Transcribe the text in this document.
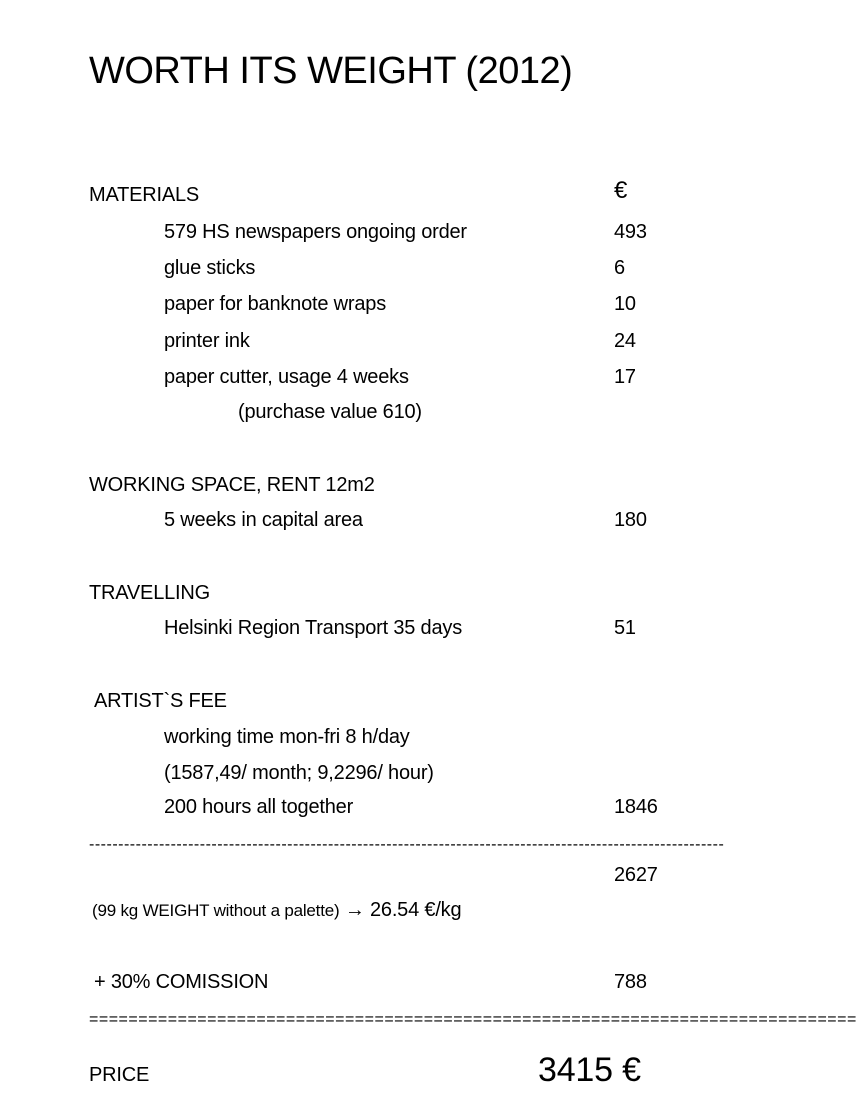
WORTH ITS WEIGHT (2012)
MATERIALS	€
579 HS newspapers ongoing order	493
glue sticks	6
paper for banknote wraps	10
printer ink	24
paper cutter, usage 4 weeks	17
(purchase value 610)
WORKING SPACE, RENT 12m2
5 weeks in capital area	180
TRAVELLING
Helsinki Region Transport 35 days	51
ARTIST`S FEE
working time mon-fri 8 h/day
(1587,49/ month; 9,2296/ hour)
200 hours all together	1846
-------------------------------------------------------------------------------------------------------------
2627
(99 kg WEIGHT without a palette) → 26.54 €/kg
+ 30% COMISSION	788
==============================================================================
PRICE	3415 €
